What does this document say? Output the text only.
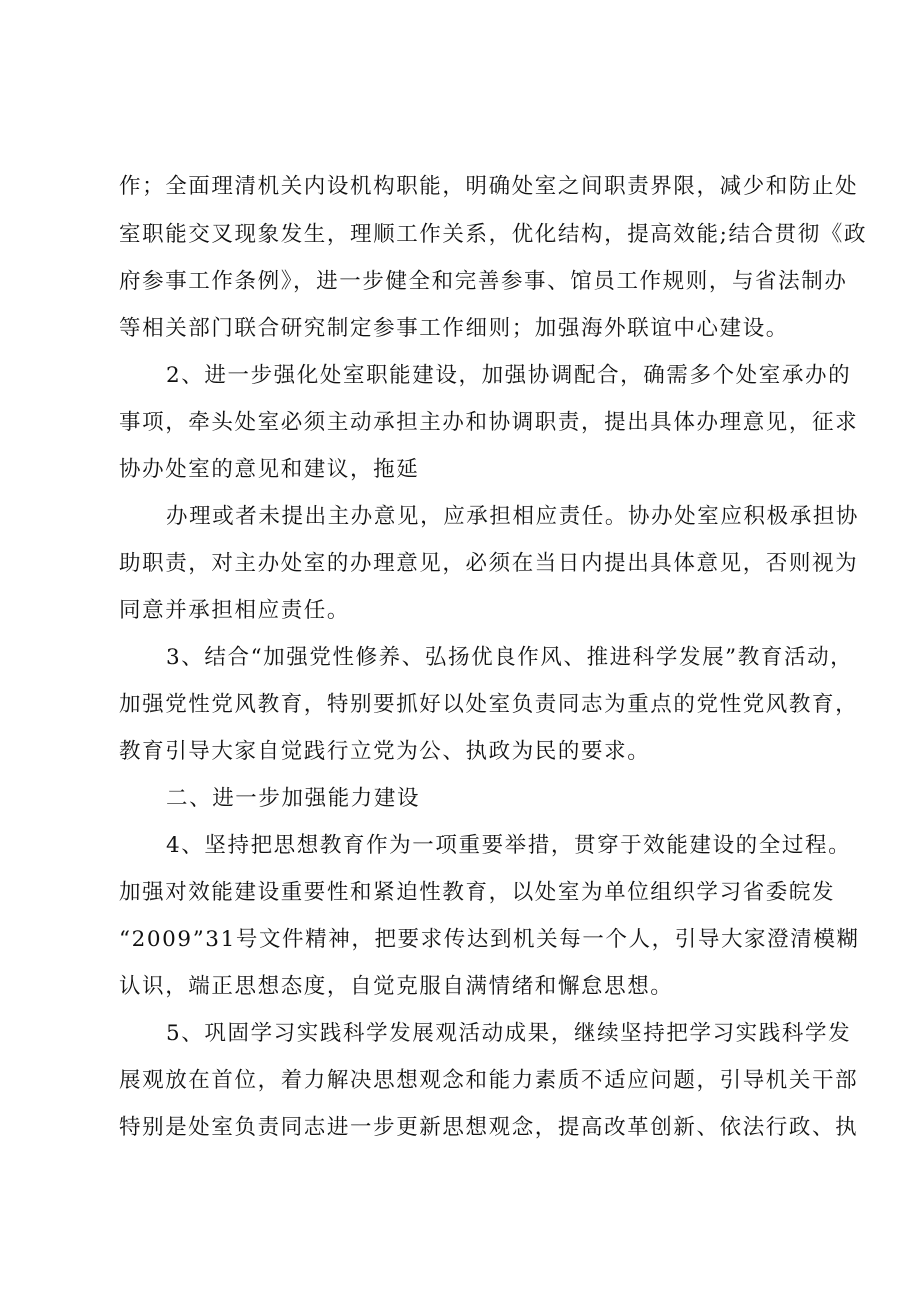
作；全面理清机关内设机构职能，明确处室之间职责界限，减少和防止处
室职能交叉现象发生，理顺工作关系，优化结构，提高效能;结合贯彻《政
府参事工作条例》，进一步健全和完善参事、馆员工作规则，与省法制办
等相关部门联合研究制定参事工作细则；加强海外联谊中心建设。
2、进一步强化处室职能建设，加强协调配合，确需多个处室承办的
事项，牵头处室必须主动承担主办和协调职责，提出具体办理意见，征求
协办处室的意见和建议，拖延
办理或者未提出主办意见，应承担相应责任。协办处室应积极承担协
助职责，对主办处室的办理意见，必须在当日内提出具体意见，否则视为
同意并承担相应责任。
3、结合“加强党性修养、弘扬优良作风、推进科学发展”教育活动，
加强党性党风教育，特别要抓好以处室负责同志为重点的党性党风教育，
教育引导大家自觉践行立党为公、执政为民的要求。
二、进一步加强能力建设
4、坚持把思想教育作为一项重要举措，贯穿于效能建设的全过程。
加强对效能建设重要性和紧迫性教育，以处室为单位组织学习省委皖发
“2009”31号文件精神，把要求传达到机关每一个人，引导大家澄清模糊
认识，端正思想态度，自觉克服自满情绪和懈怠思想。
5、巩固学习实践科学发展观活动成果，继续坚持把学习实践科学发
展观放在首位，着力解决思想观念和能力素质不适应问题，引导机关干部
特别是处室负责同志进一步更新思想观念，提高改革创新、依法行政、执
